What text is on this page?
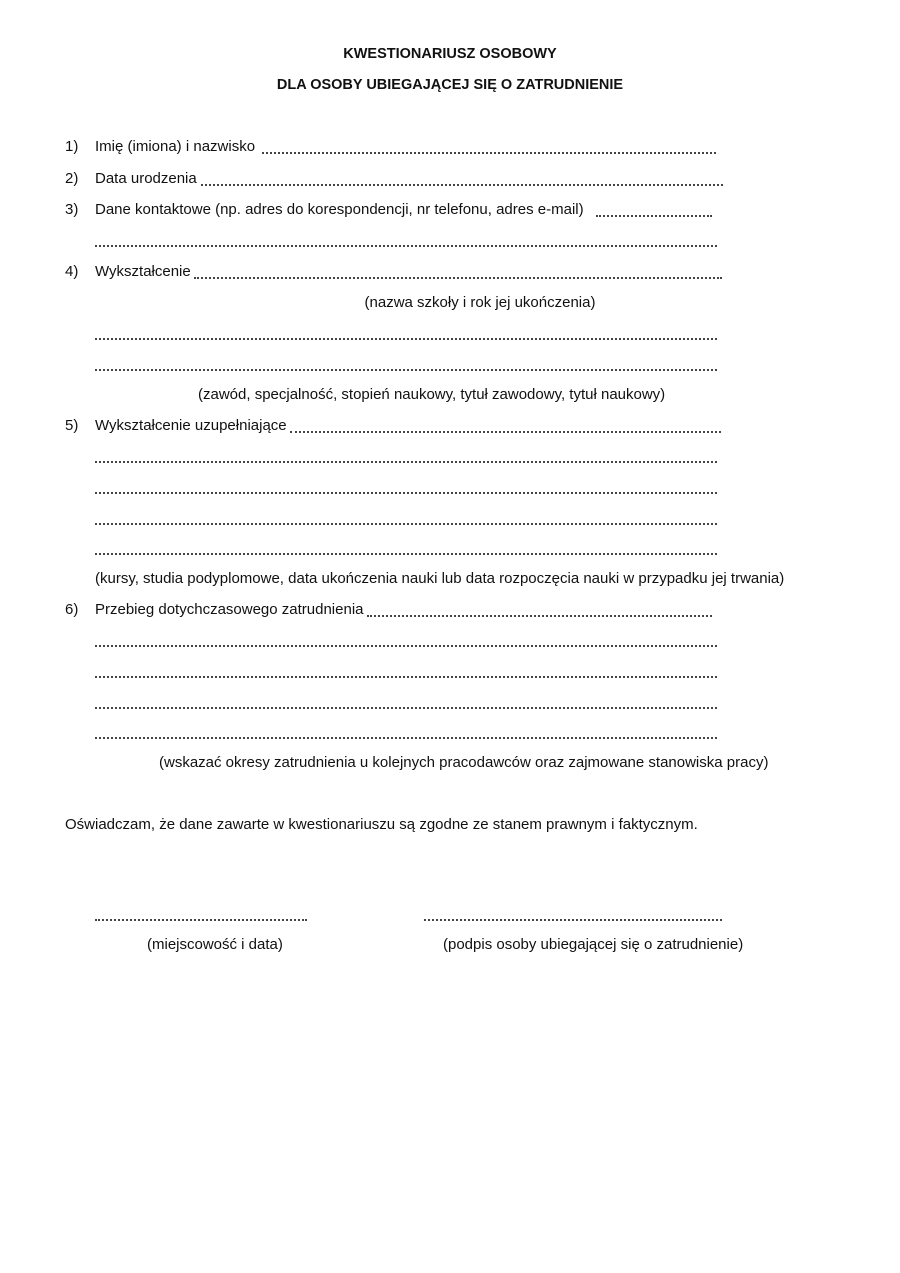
KWESTIONARIUSZ OSOBOWY
DLA OSOBY UBIEGAJĄCEJ SIĘ O ZATRUDNIENIE
1) Imię (imiona) i nazwisko
2) Data urodzenia
3) Dane kontaktowe (np. adres do korespondencji, nr telefonu, adres e-mail)
4) Wykształcenie
(nazwa szkoły i rok jej ukończenia)
(zawód, specjalność, stopień naukowy, tytuł zawodowy, tytuł naukowy)
5) Wykształcenie uzupełniające
(kursy, studia podyplomowe, data ukończenia nauki lub data rozpoczęcia nauki w przypadku jej trwania)
6) Przebieg dotychczasowego zatrudnienia
(wskazać okresy zatrudnienia u kolejnych pracodawców oraz zajmowane stanowiska pracy)
Oświadczam, że dane zawarte w kwestionariuszu są zgodne ze stanem prawnym i faktycznym.
(miejscowość i data)	(podpis osoby ubiegającej się o zatrudnienie)
